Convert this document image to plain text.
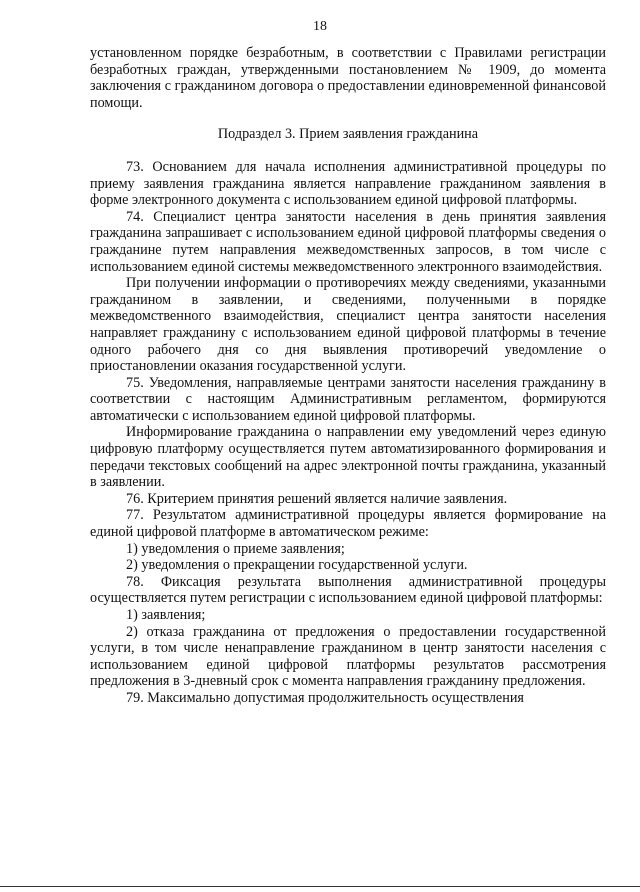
18

установленном порядке безработным, в соответствии с Правилами регистрации безработных граждан, утвержденными постановлением № 1909, до момента заключения с гражданином договора о предоставлении единовременной финансовой помощи.

Подраздел 3. Прием заявления гражданина

73. Основанием для начала исполнения административной процедуры по приему заявления гражданина является направление гражданином заявления в форме электронного документа с использованием единой цифровой платформы.

74. Специалист центра занятости населения в день принятия заявления гражданина запрашивает с использованием единой цифровой платформы сведения о гражданине путем направления межведомственных запросов, в том числе с использованием единой системы межведомственного электронного взаимодействия.

При получении информации о противоречиях между сведениями, указанными гражданином в заявлении, и сведениями, полученными в порядке межведомственного взаимодействия, специалист центра занятости населения направляет гражданину с использованием единой цифровой платформы в течение одного рабочего дня со дня выявления противоречий уведомление о приостановлении оказания государственной услуги.

75. Уведомления, направляемые центрами занятости населения гражданину в соответствии с настоящим Административным регламентом, формируются автоматически с использованием единой цифровой платформы.

Информирование гражданина о направлении ему уведомлений через единую цифровую платформу осуществляется путем автоматизированного формирования и передачи текстовых сообщений на адрес электронной почты гражданина, указанный в заявлении.

76. Критерием принятия решений является наличие заявления.

77. Результатом административной процедуры является формирование на единой цифровой платформе в автоматическом режиме:

1) уведомления о приеме заявления;

2) уведомления о прекращении государственной услуги.

78. Фиксация результата выполнения административной процедуры осуществляется путем регистрации с использованием единой цифровой платформы:

1) заявления;

2) отказа гражданина от предложения о предоставлении государственной услуги, в том числе ненаправление гражданином в центр занятости населения с использованием единой цифровой платформы результатов рассмотрения предложения в 3-дневный срок с момента направления гражданину предложения.

79. Максимально допустимая продолжительность осуществления
